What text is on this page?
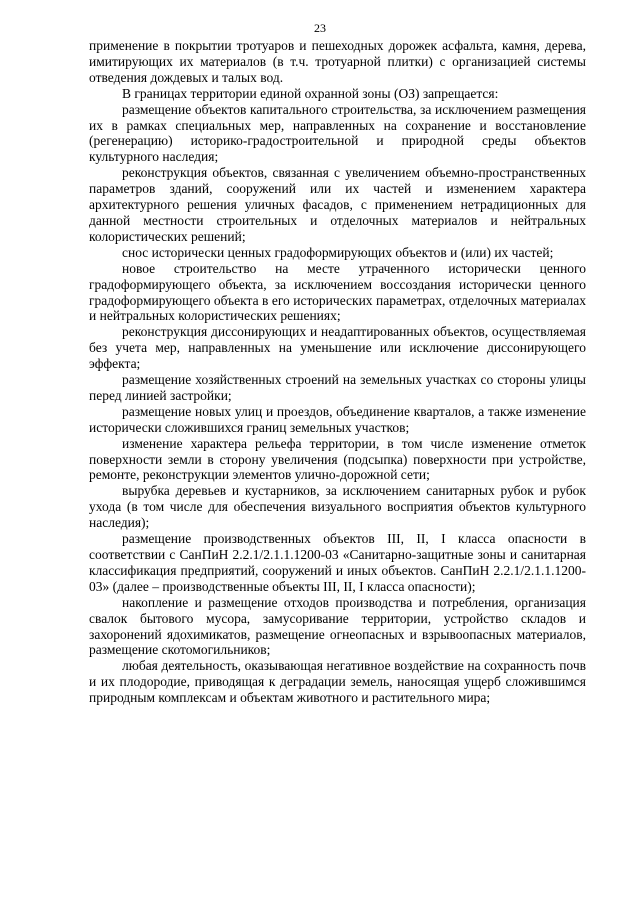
23

применение в покрытии тротуаров и пешеходных дорожек асфальта, камня, дерева, имитирующих их материалов (в т.ч. тротуарной плитки) с организацией системы отведения дождевых и талых вод.

В границах территории единой охранной зоны (ОЗ) запрещается:

размещение объектов капитального строительства, за исключением размещения их в рамках специальных мер, направленных на сохранение и восстановление (регенерацию) историко-градостроительной и природной среды объектов культурного наследия;

реконструкция объектов, связанная с увеличением объемно-пространственных параметров зданий, сооружений или их частей и изменением характера архитектурного решения уличных фасадов, с применением нетрадиционных для данной местности строительных и отделочных материалов и нейтральных колористических решений;

снос исторически ценных градоформирующих объектов и (или) их частей;

новое строительство на месте утраченного исторически ценного градоформирующего объекта, за исключением воссоздания исторически ценного градоформирующего объекта в его исторических параметрах, отделочных материалах и нейтральных колористических решениях;

реконструкция диссонирующих и неадаптированных объектов, осуществляемая без учета мер, направленных на уменьшение или исключение диссонирующего эффекта;

размещение хозяйственных строений на земельных участках со стороны улицы перед линией застройки;

размещение новых улиц и проездов, объединение кварталов, а также изменение исторически сложившихся границ земельных участков;

изменение характера рельефа территории, в том числе изменение отметок поверхности земли в сторону увеличения (подсыпка) поверхности при устройстве, ремонте, реконструкции элементов улично-дорожной сети;

вырубка деревьев и кустарников, за исключением санитарных рубок и рубок ухода (в том числе для обеспечения визуального восприятия объектов культурного наследия);

размещение производственных объектов III, II, I класса опасности в соответствии с СанПиН 2.2.1/2.1.1.1200-03 «Санитарно-защитные зоны и санитарная классификация предприятий, сооружений и иных объектов. СанПиН 2.2.1/2.1.1.1200-03» (далее – производственные объекты III, II, I класса опасности);

накопление и размещение отходов производства и потребления, организация свалок бытового мусора, замусоривание территории, устройство складов и захоронений ядохимикатов, размещение огнеопасных и взрывоопасных материалов, размещение скотомогильников;

любая деятельность, оказывающая негативное воздействие на сохранность почв и их плодородие, приводящая к деградации земель, наносящая ущерб сложившимся природным комплексам и объектам животного и растительного мира;
